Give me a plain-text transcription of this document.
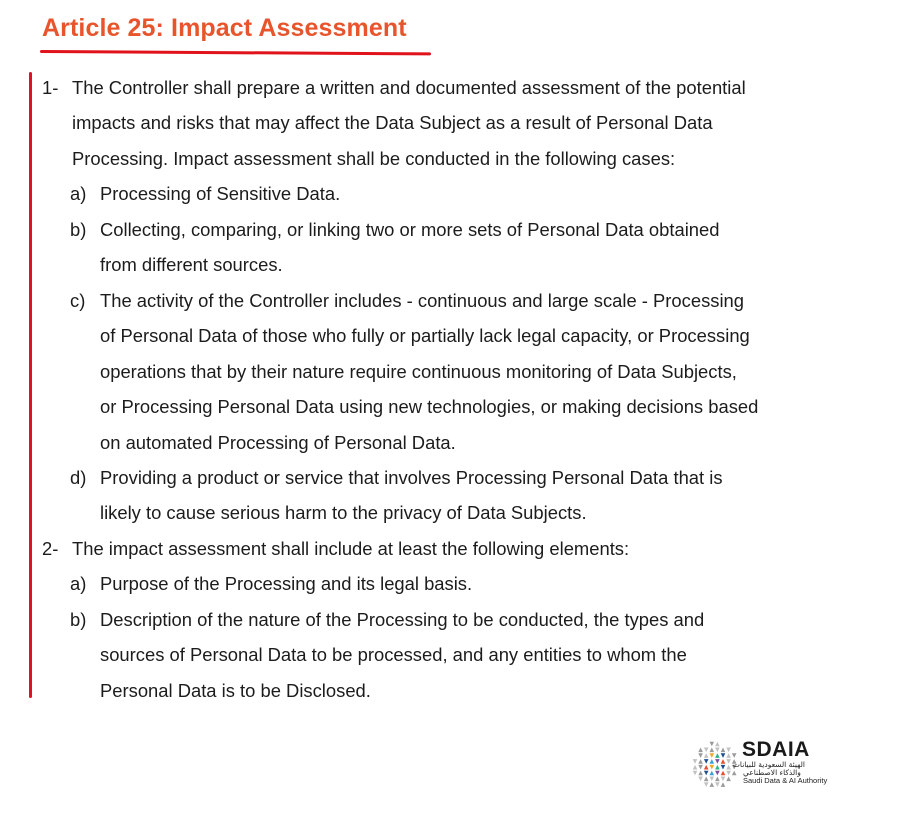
Article 25: Impact Assessment
1- The Controller shall prepare a written and documented assessment of the potential
impacts and risks that may affect the Data Subject as a result of Personal Data
Processing. Impact assessment shall be conducted in the following cases:
a) Processing of Sensitive Data.
b) Collecting, comparing, or linking two or more sets of Personal Data obtained
from different sources.
c) The activity of the Controller includes - continuous and large scale - Processing
of Personal Data of those who fully or partially lack legal capacity, or Processing
operations that by their nature require continuous monitoring of Data Subjects,
or Processing Personal Data using new technologies, or making decisions based
on automated Processing of Personal Data.
d) Providing a product or service that involves Processing Personal Data that is
likely to cause serious harm to the privacy of Data Subjects.
2- The impact assessment shall include at least the following elements:
a) Purpose of the Processing and its legal basis.
b) Description of the nature of the Processing to be conducted, the types and
sources of Personal Data to be processed, and any entities to whom the
Personal Data is to be Disclosed.
SDAIA
الهيئة السعودية للبيانات
والذكاء الاصطناعي
Saudi Data & AI Authority
